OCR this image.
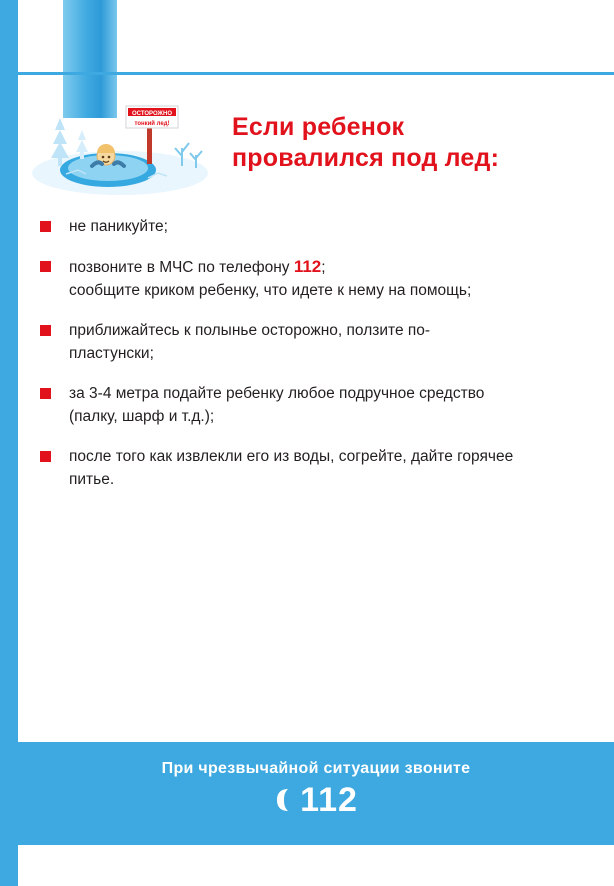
ОСТОРОЖНО
тонкий лед! Если ребенок
провалился под лед:
не паникуйте;
позвоните в МЧС по телефону 112;
сообщите криком ребенку, что идете к нему на помощь;
приближайтесь к полынье осторожно, ползите по-пластунски;
за 3-4 метра подайте ребенку любое подручное средство (палку, шарф и т.д.);
после того как извлекли его из воды, согрейте, дайте горячее питье.
При чрезвычайной ситуации звоните
112
